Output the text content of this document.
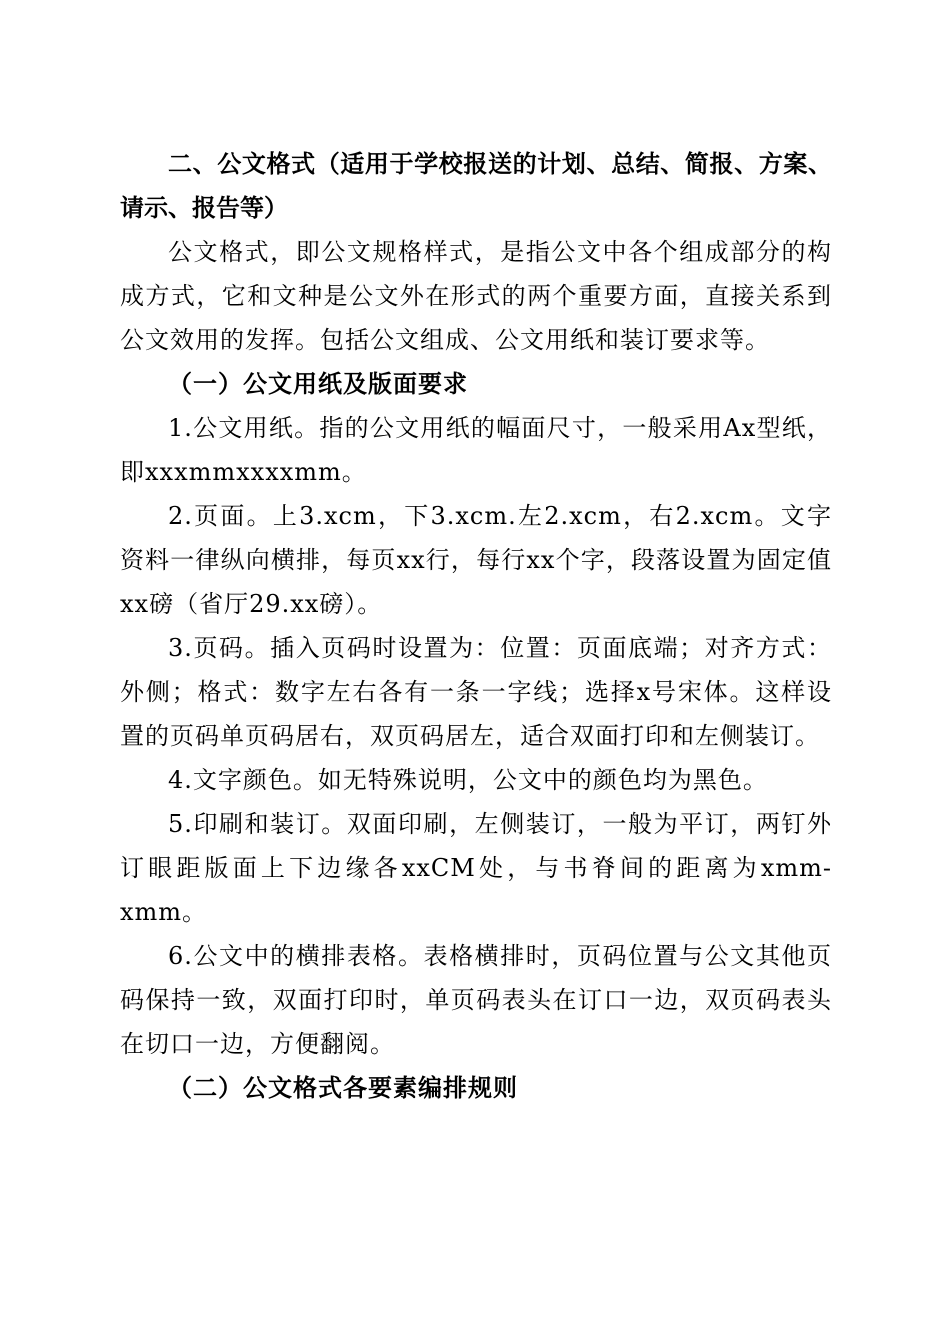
二、公文格式（适用于学校报送的计划、总结、简报、方案、请示、报告等）

公文格式，即公文规格样式，是指公文中各个组成部分的构成方式，它和文种是公文外在形式的两个重要方面，直接关系到公文效用的发挥。包括公文组成、公文用纸和装订要求等。

（一）公文用纸及版面要求

1.公文用纸。指的公文用纸的幅面尺寸，一般采用Ax型纸，即xxxmmxxxxmm。

2.页面。上3.xcm，下3.xcm.左2.xcm，右2.xcm。文字资料一律纵向横排，每页xx行，每行xx个字，段落设置为固定值xx磅（省厅29.xx磅）。

3.页码。插入页码时设置为：位置：页面底端；对齐方式：外侧；格式：数字左右各有一条一字线；选择x号宋体。这样设置的页码单页码居右，双页码居左，适合双面打印和左侧装订。

4.文字颜色。如无特殊说明，公文中的颜色均为黑色。

5.印刷和装订。双面印刷，左侧装订，一般为平订，两钉外订眼距版面上下边缘各xxCM处，与书脊间的距离为xmm-xmm。

6.公文中的横排表格。表格横排时，页码位置与公文其他页码保持一致，双面打印时，单页码表头在订口一边，双页码表头在切口一边，方便翻阅。

（二）公文格式各要素编排规则
